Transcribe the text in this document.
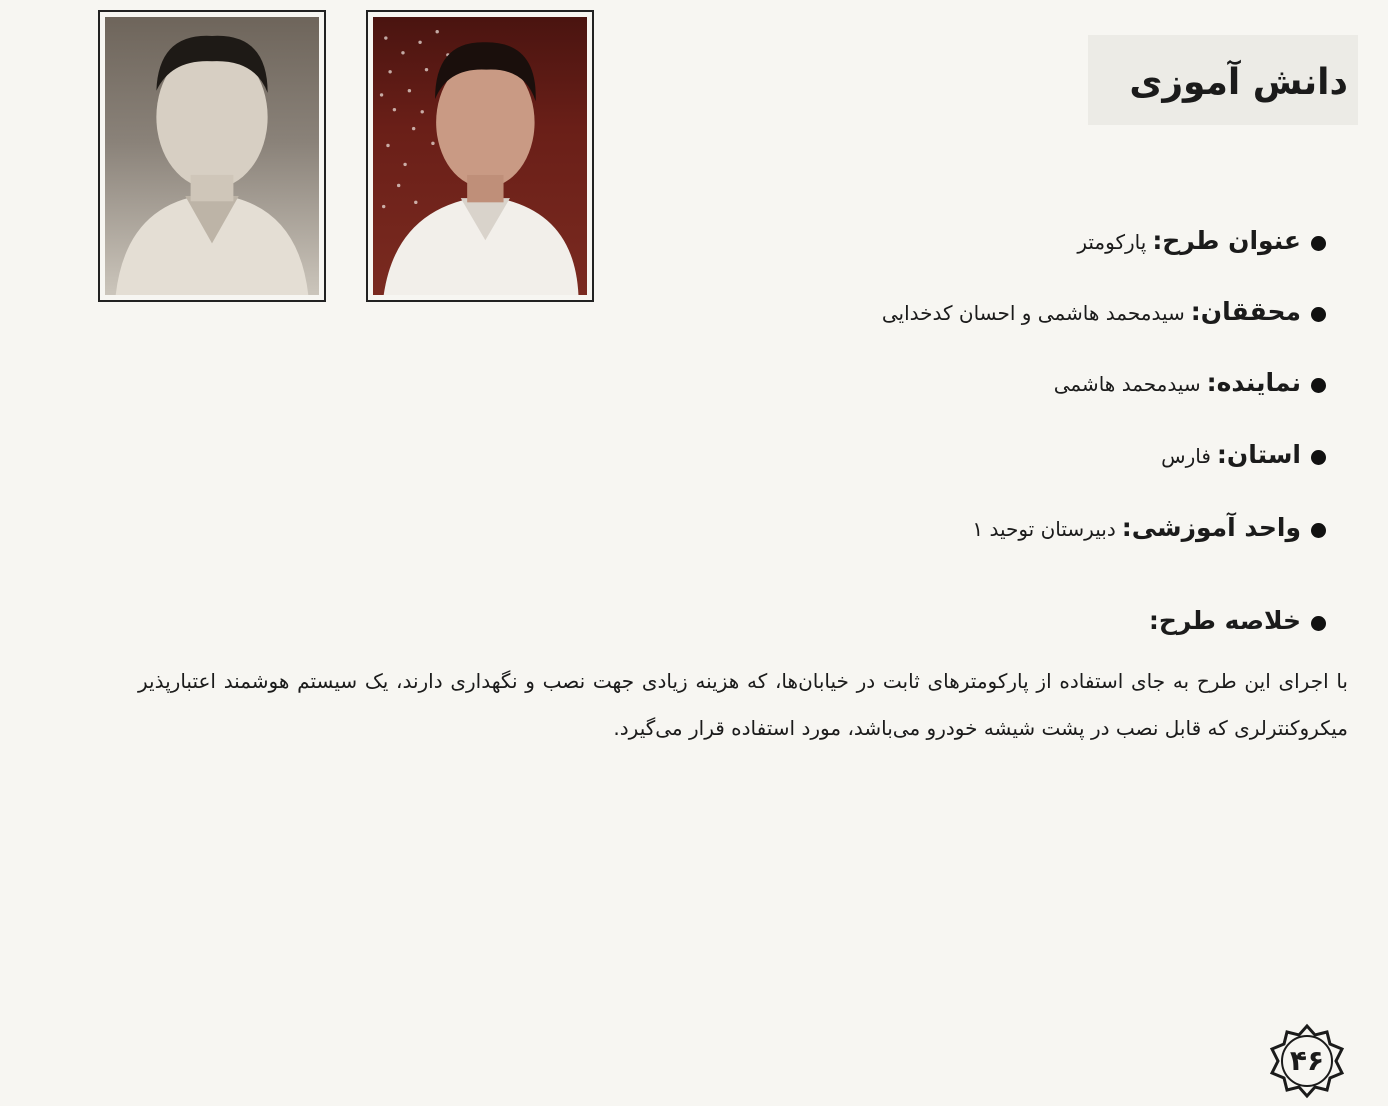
دانش آموزی
عنوان طرح:پارکومتر
محققان:سیدمحمد هاشمی و احسان کدخدایی
نماینده:سیدمحمد هاشمی
استان:فارس
واحد آموزشی:دبیرستان توحید ۱
خلاصه طرح:
با اجرای این طرح به جای استفاده از پارکومترهای ثابت در خیابان‌ها، که هزینه زیادی جهت نصب و نگهداری دارند، یک سیستم هوشمند اعتبارپذیر میکروکنترلری که قابل نصب در پشت شیشه خودرو می‌باشد، مورد استفاده قرار می‌گیرد.
۴۶
